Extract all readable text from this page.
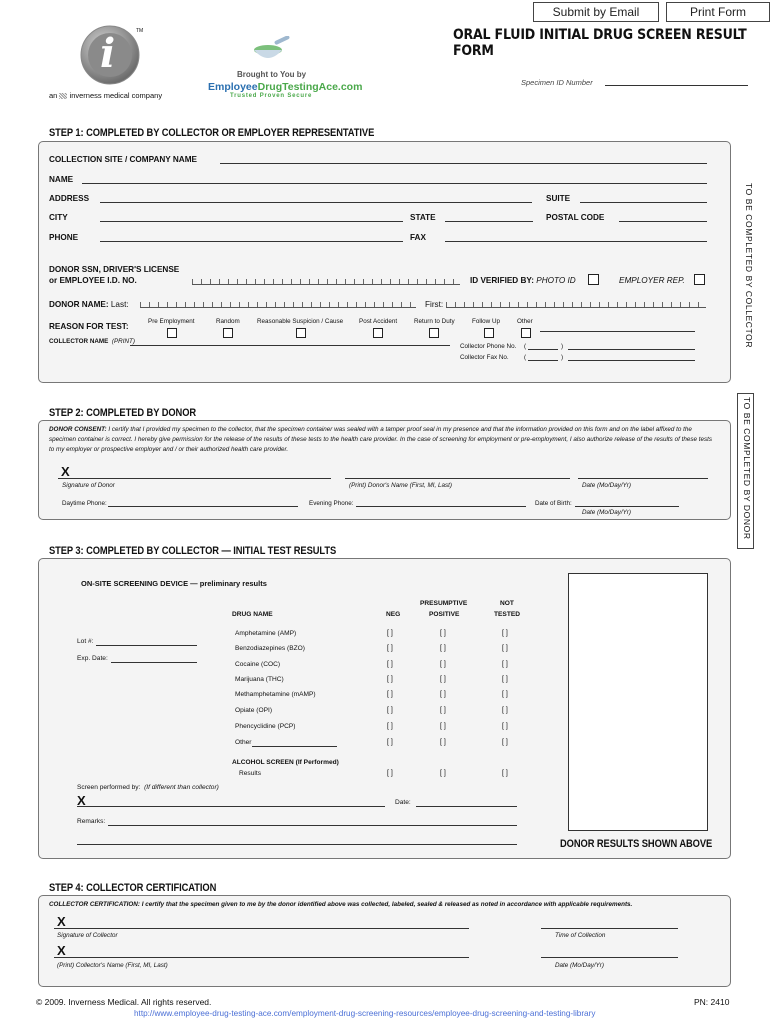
Submit by Email	Print Form
i	TM
an inverness medical company
Brought to You by
EmployeeDrugTestingAce.com
Trusted Proven Secure
ORAL FLUID INITIAL DRUG SCREEN RESULT FORM
Specimen ID Number
STEP 1: COMPLETED BY COLLECTOR OR EMPLOYER REPRESENTATIVE
TO BE COMPLETED BY COLLECTOR
COLLECTION SITE / COMPANY NAME
NAME
ADDRESS	SUITE
CITY	STATE	POSTAL CODE
PHONE	FAX
DONOR SSN, DRIVER'S LICENSE
or EMPLOYEE I.D. NO.	ID VERIFIED BY: PHOTO ID	EMPLOYER REP.
DONOR NAME: Last:	First:
REASON FOR TEST:
Pre Employment	Random	Reasonable Suspicion / Cause	Post Accident	Return to Duty	Follow Up	Other
COLLECTOR NAME (PRINT)
Collector Phone No. (	)
Collector Fax No. (	)
STEP 2: COMPLETED BY DONOR	TO BE COMPLETED BY DONOR
DONOR CONSENT: I certify that I provided my specimen to the collector, that the specimen container was sealed with a tamper proof seal in my presence and that the information provided on this form and on the label affixed to the specimen container is correct. I hereby give permission for the release of the results of these tests to the health care provider. In the case of screening for employment or pre-employment, I also authorize release of the results of these tests to my employer or prospective employer and / or their authorized health care provider.
X
Signature of Donor	(Print) Donor's Name (First, MI, Last)	Date (Mo/Day/Yr)
Daytime Phone:	Evening Phone:	Date of Birth:
Date (Mo/Day/Yr)
STEP 3: COMPLETED BY COLLECTOR — INITIAL TEST RESULTS
DONOR RESULTS SHOWN ABOVE
ON-SITE SCREENING DEVICE — preliminary results
DRUG NAME	NEG
PRESUMPTIVE
POSITIVE
NOT
TESTED
Lot #:
Exp. Date:
Amphetamine (AMP)	[ ]	[ ]	[ ]
Benzodiazepines (BZO)	[ ]	[ ]	[ ]
Cocaine (COC)	[ ]	[ ]	[ ]
Marijuana (THC)	[ ]	[ ]	[ ]
Methamphetamine (mAMP)	[ ]	[ ]	[ ]
Opiate (OPI)	[ ]	[ ]	[ ]
Phencyclidine (PCP)	[ ]	[ ]	[ ]
Other	[ ]	[ ]	[ ]
ALCOHOL SCREEN (If Performed)
Results	[ ]	[ ]	[ ]
Screen performed by: (If different than collector)
X	Date:
Remarks:
STEP 4: COLLECTOR CERTIFICATION
COLLECTOR CERTIFICATION: I certify that the specimen given to me by the donor identified above was collected, labeled, sealed & released as noted in accordance with applicable requirements.
X
Signature of Collector	Time of Collection
X
(Print) Collector's Name (First, MI, Last)	Date (Mo/Day/Yr)
© 2009. Inverness Medical. All rights reserved.	PN: 2410
http://www.employee-drug-testing-ace.com/employment-drug-screening-resources/employee-drug-screening-and-testing-library
